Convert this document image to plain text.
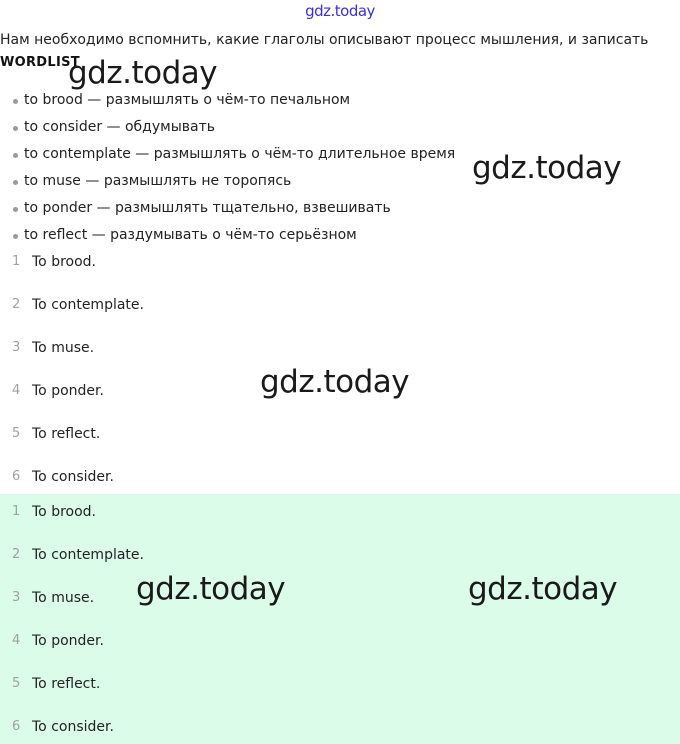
gdz.today
Нам необходимо вспомнить, какие глаголы описывают процесс мышления, и записать
WORDLIST
to brood — размышлять о чём-то печальном
to consider — обдумывать
to contemplate — размышлять о чём-то длительное время
to muse — размышлять не торопясь
to ponder — размышлять тщательно, взвешивать
to reflect — раздумывать о чём-то серьёзном
1 To brood.
2 To contemplate.
3 To muse.
4 To ponder.
5 To reflect.
6 To consider.
1 To brood.
2 To contemplate.
3 To muse.
4 To ponder.
5 To reflect.
6 To consider.
gdz.today
gdz.today
gdz.today
gdz.today	gdz.today
